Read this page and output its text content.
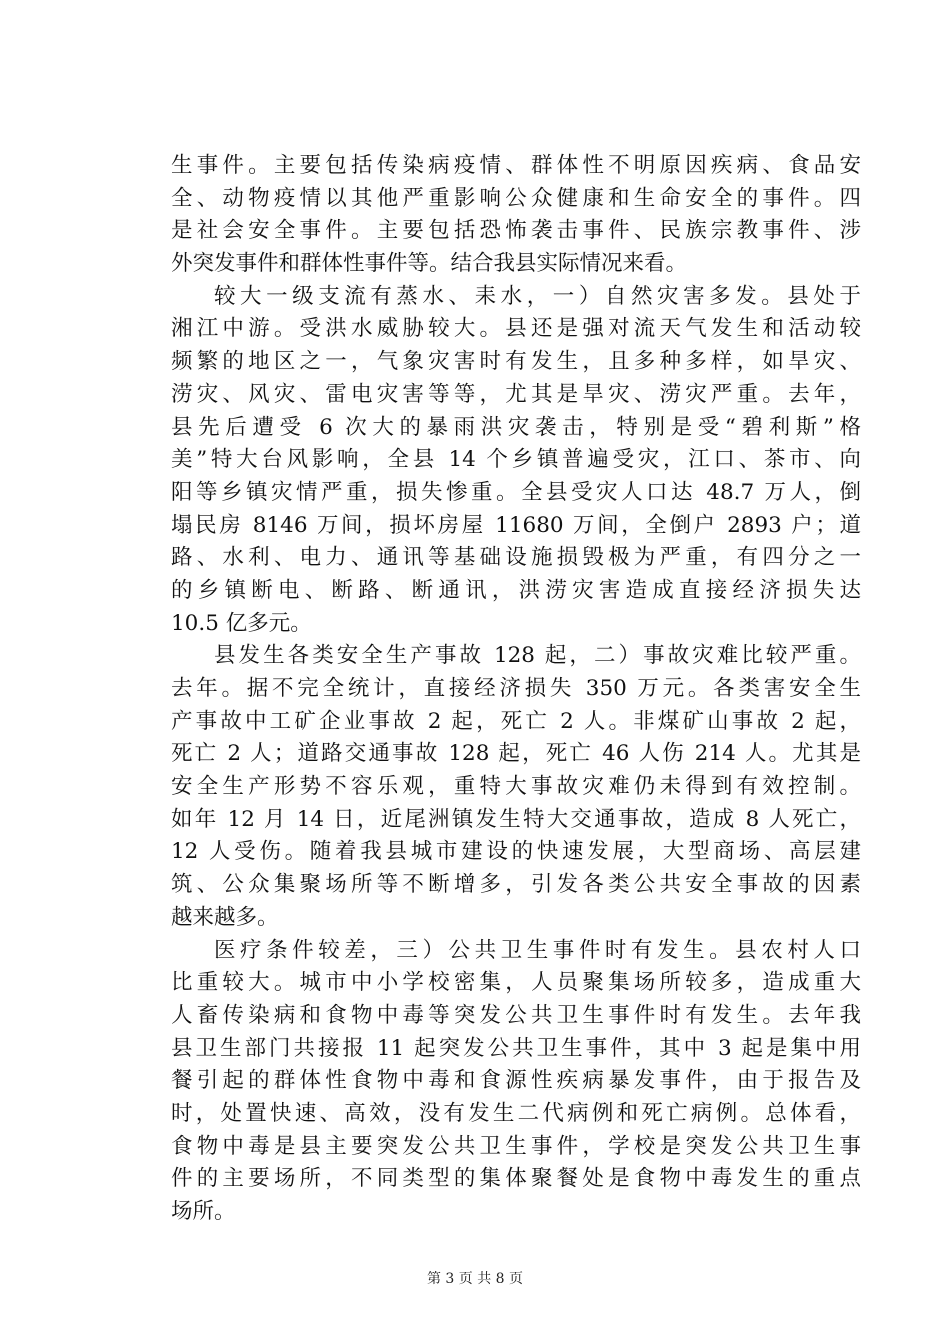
生事件。主要包括传染病疫情、群体性不明原因疾病、食品安
全、动物疫情以其他严重影响公众健康和生命安全的事件。四
是社会安全事件。主要包括恐怖袭击事件、民族宗教事件、涉
外突发事件和群体性事件等。结合我县实际情况来看。
较大一级支流有蒸水、耒水，一）自然灾害多发。县处于
湘江中游。受洪水威胁较大。县还是强对流天气发生和活动较
频繁的地区之一，气象灾害时有发生，且多种多样，如旱灾、
涝灾、风灾、雷电灾害等等，尤其是旱灾、涝灾严重。去年，
县先后遭受 6 次大的暴雨洪灾袭击，特别是受“碧利斯”格
美”特大台风影响，全县 14 个乡镇普遍受灾，江口、茶市、向
阳等乡镇灾情严重，损失惨重。全县受灾人口达 48.7 万人，倒
塌民房 8146 万间，损坏房屋 11680 万间，全倒户 2893 户；道
路、水利、电力、通讯等基础设施损毁极为严重，有四分之一
的乡镇断电、断路、断通讯，洪涝灾害造成直接经济损失达
10.5 亿多元。
县发生各类安全生产事故 128 起，二）事故灾难比较严重。
去年。据不完全统计，直接经济损失 350 万元。各类害安全生
产事故中工矿企业事故 2 起，死亡 2 人。非煤矿山事故 2 起，
死亡 2 人；道路交通事故 128 起，死亡 46 人伤 214 人。尤其是
安全生产形势不容乐观，重特大事故灾难仍未得到有效控制。
如年 12 月 14 日，近尾洲镇发生特大交通事故，造成 8 人死亡，
12 人受伤。随着我县城市建设的快速发展，大型商场、高层建
筑、公众集聚场所等不断增多，引发各类公共安全事故的因素
越来越多。
医疗条件较差，三）公共卫生事件时有发生。县农村人口
比重较大。城市中小学校密集，人员聚集场所较多，造成重大
人畜传染病和食物中毒等突发公共卫生事件时有发生。去年我
县卫生部门共接报 11 起突发公共卫生事件，其中 3 起是集中用
餐引起的群体性食物中毒和食源性疾病暴发事件，由于报告及
时，处置快速、高效，没有发生二代病例和死亡病例。总体看，
食物中毒是县主要突发公共卫生事件，学校是突发公共卫生事
件的主要场所，不同类型的集体聚餐处是食物中毒发生的重点
场所。
第 3 页 共 8 页
